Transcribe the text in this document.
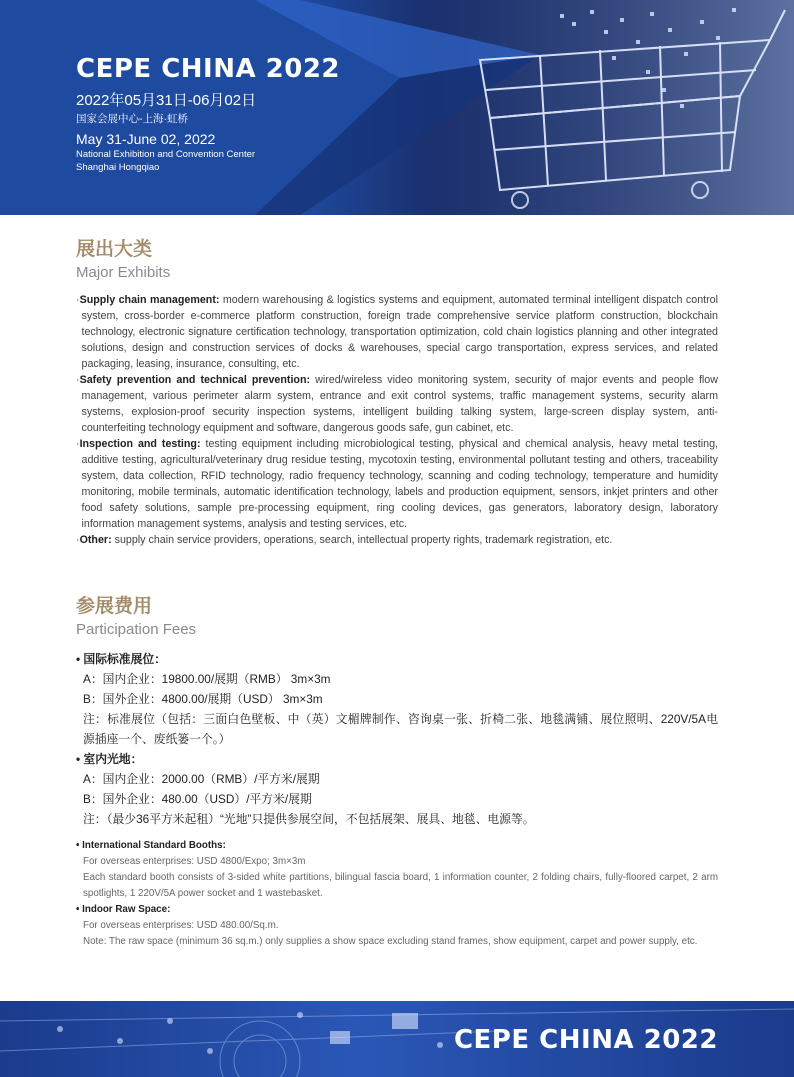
CEPE CHINA 2022
2022年05月31日-06月02日
国家会展中心-上海·虹桥
May 31-June 02, 2022
National Exhibition and Convention Center
Shanghai Hongqiao
展出大类
Major Exhibits
·Supply chain management: modern warehousing & logistics systems and equipment, automated terminal intelligent dispatch control system, cross-border e-commerce platform construction, foreign trade comprehensive service platform construction, blockchain technology, electronic signature certification technology, transportation optimization, cold chain logistics planning and other integrated solutions, design and construction services of docks & warehouses, special cargo transportation, express services, and related packaging, leasing, insurance, consulting, etc.
·Safety prevention and technical prevention: wired/wireless video monitoring system, security of major events and people flow management, various perimeter alarm system, entrance and exit control systems, traffic management systems, security alarm systems, explosion-proof security inspection systems, intelligent building talking system, large-screen display system, anti-counterfeiting technology equipment and software, dangerous goods safe, gun cabinet, etc.
·Inspection and testing: testing equipment including microbiological testing, physical and chemical analysis, heavy metal testing, additive testing, agricultural/veterinary drug residue testing, mycotoxin testing, environmental pollutant testing and others, traceability system, data collection, RFID technology, radio frequency technology, scanning and coding technology, temperature and humidity monitoring, mobile terminals, automatic identification technology, labels and production equipment, sensors, inkjet printers and other food safety solutions, sample pre-processing equipment, ring cooling devices, gas generators, laboratory design, laboratory information management systems, analysis and testing services, etc.
·Other: supply chain service providers, operations, search, intellectual property rights, trademark registration, etc.
参展费用
Participation Fees
• 国际标准展位：
A：国内企业：19800.00/展期（RMB） 3m×3m
B：国外企业：4800.00/展期（USD） 3m×3m
注：标准展位（包括：三面白色壁板、中（英）文楣牌制作、咨询桌一张、折椅二张、地毯满铺、展位照明、220V/5A电源插座一个、废纸篓一个。）
• 室内光地：
A：国内企业：2000.00（RMB）/平方米/展期
B：国外企业：480.00（USD）/平方米/展期
注：（最少36平方米起租）“光地”只提供参展空间，不包括展架、展具、地毯、电源等。
• International Standard Booths:
For overseas enterprises: USD 4800/Expo; 3m×3m
Each standard booth consists of 3-sided white partitions, bilingual fascia board, 1 information counter, 2 folding chairs, fully-floored carpet, 2 arm spotlights, 1 220V/5A power socket and 1 wastebasket.
• Indoor Raw Space:
For overseas enterprises: USD 480.00/Sq.m.
Note: The raw space (minimum 36 sq.m.) only supplies a show space excluding stand frames, show equipment, carpet and power supply, etc.
CEPE CHINA 2022
